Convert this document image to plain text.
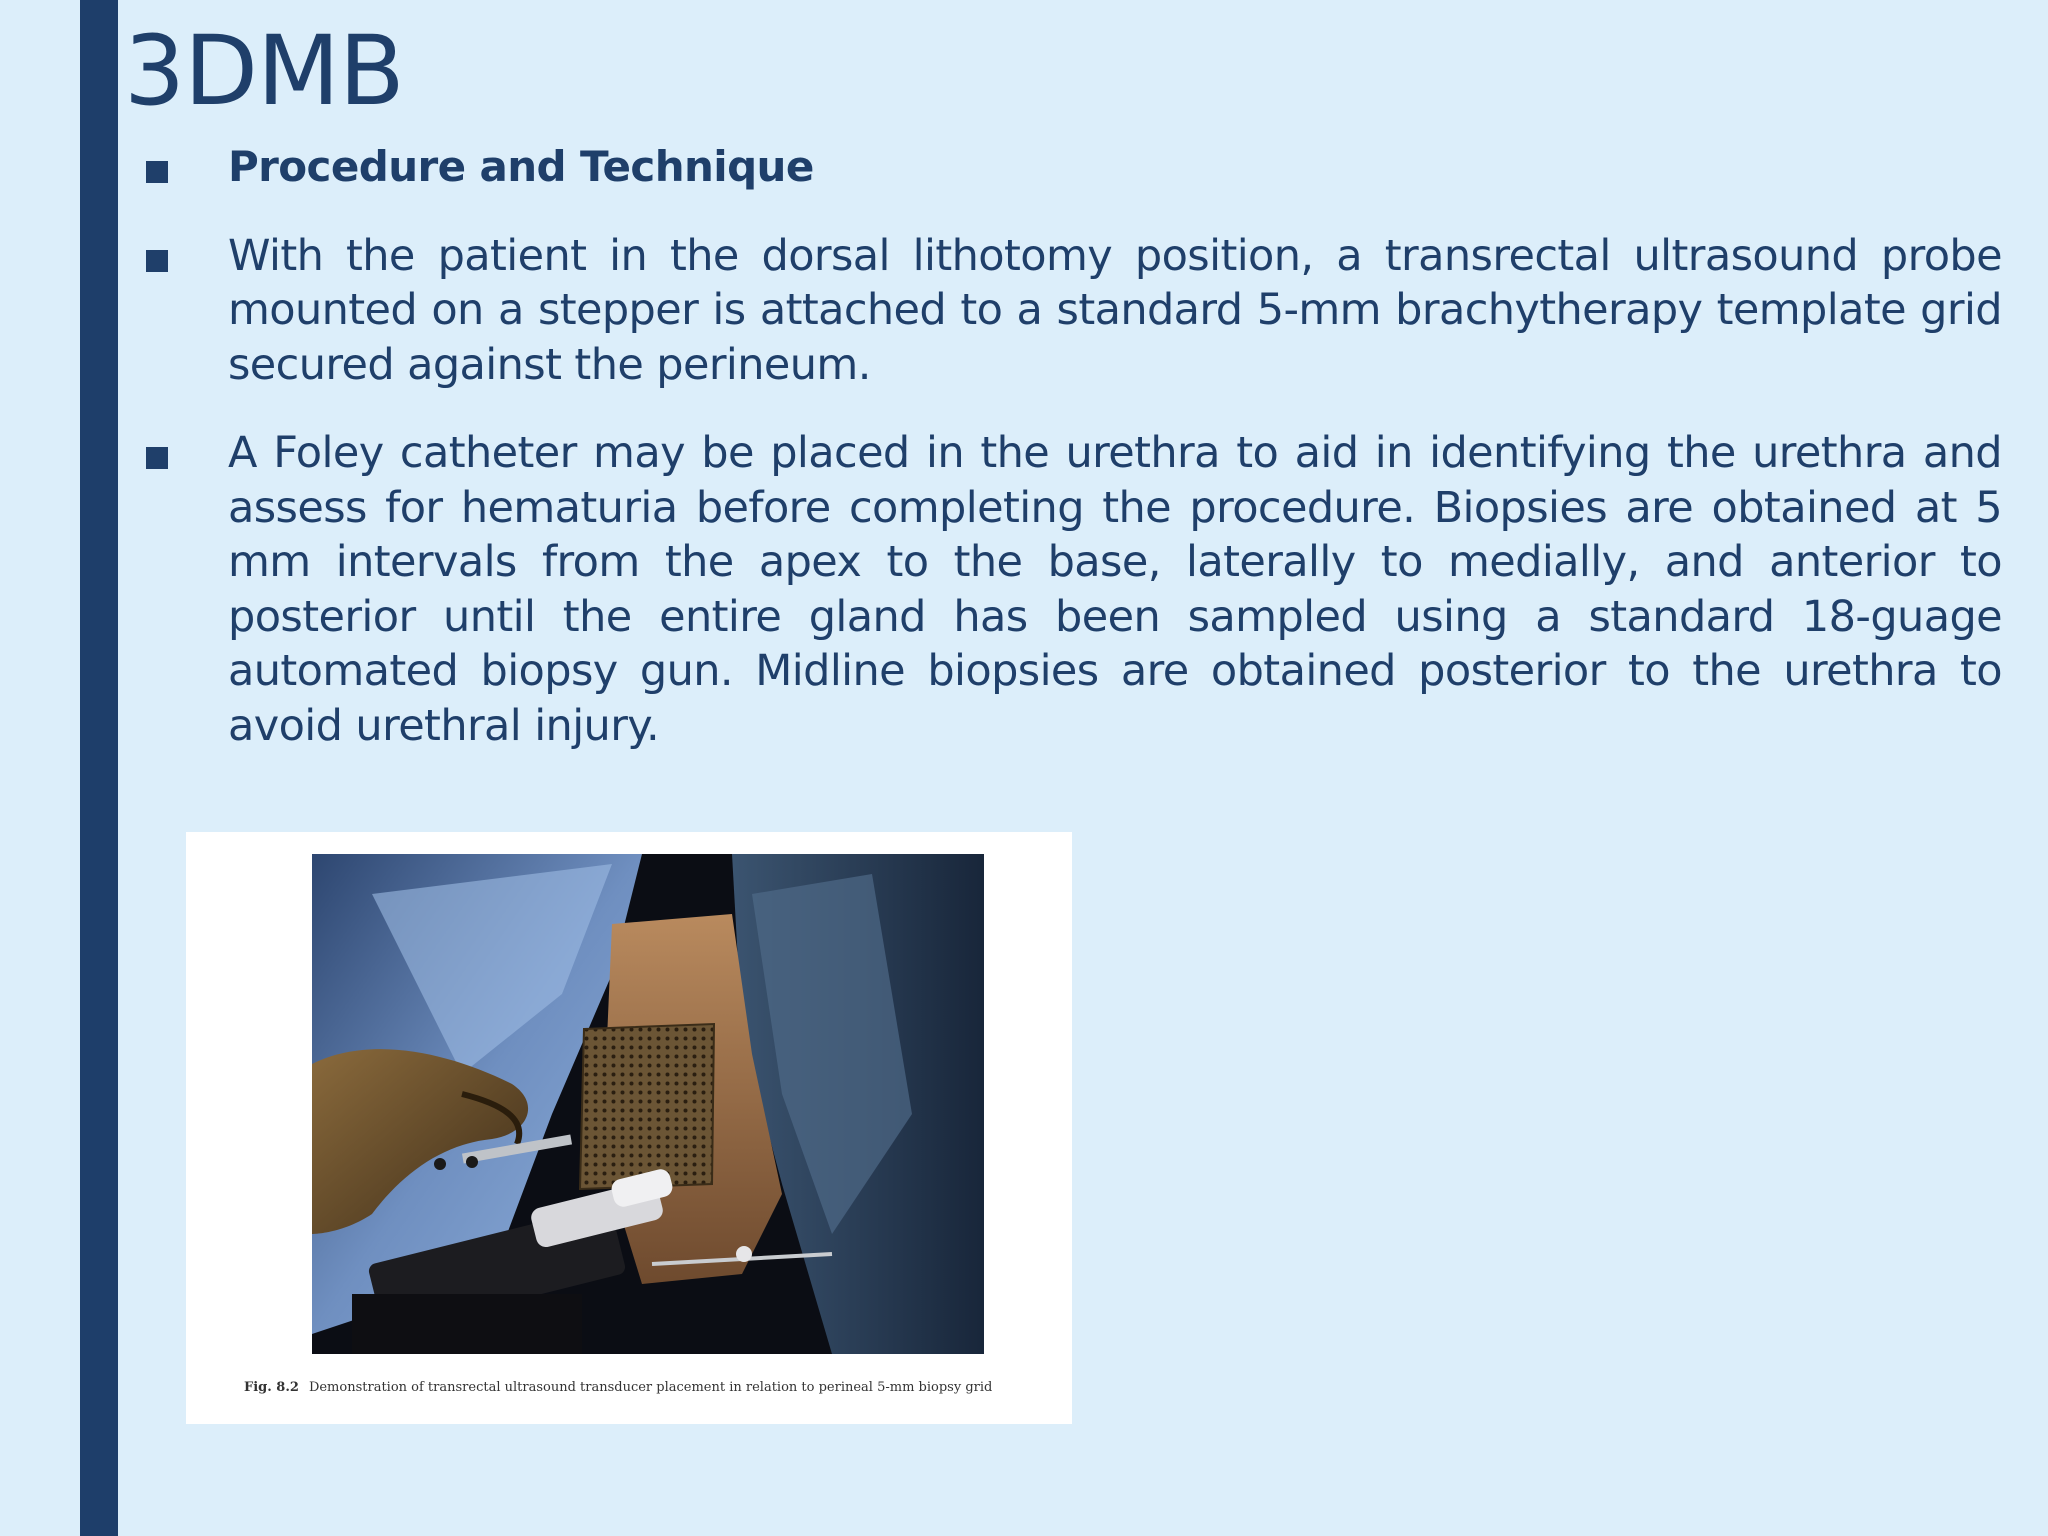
3DMB
Procedure and Technique
With the patient in the dorsal lithotomy position, a transrectal ultrasound probe mounted on a stepper is attached to a standard 5-mm brachytherapy template grid secured against the perineum.
A Foley catheter may be placed in the urethra to aid in identifying the urethra and assess for hematuria before completing the procedure. Biopsies are obtained at 5 mm intervals from the apex to the base, laterally to medially, and anterior to posterior until the entire gland has been sampled using a standard 18-guage automated biopsy gun. Midline biopsies are obtained posterior to the urethra to avoid urethral injury.
Fig. 8.2 Demonstration of transrectal ultrasound transducer placement in relation to perineal 5-mm biopsy grid
